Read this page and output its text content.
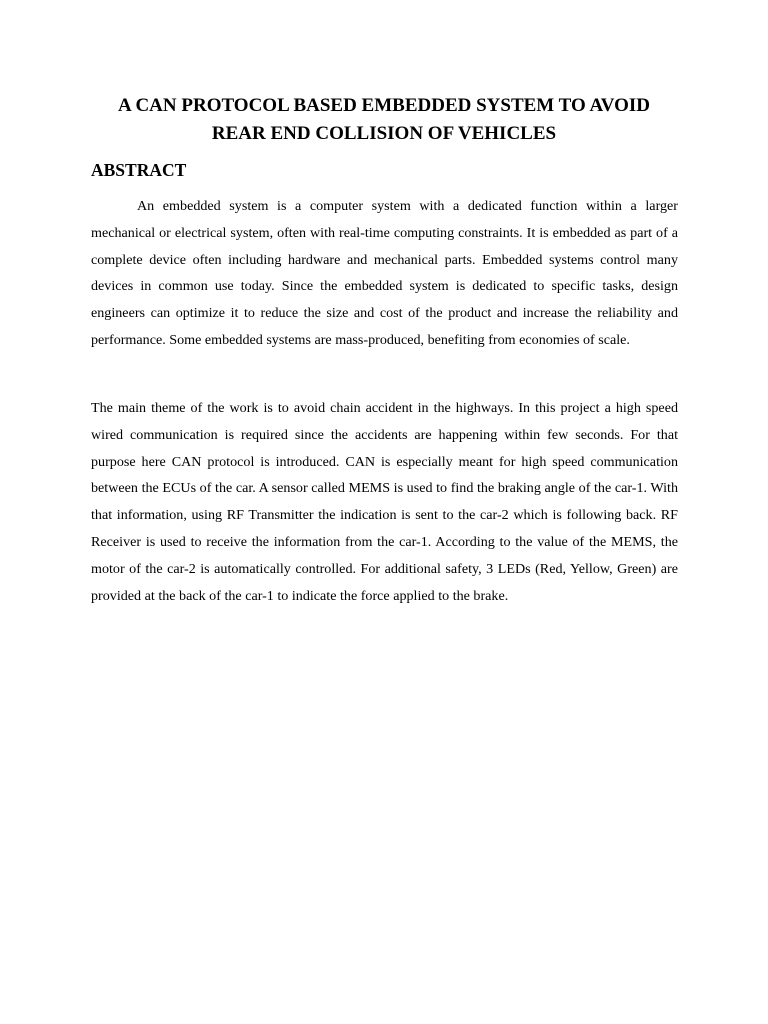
A CAN PROTOCOL BASED EMBEDDED SYSTEM TO AVOID
REAR END COLLISION OF VEHICLES
ABSTRACT

An embedded system is a computer system with a dedicated function within a larger mechanical or electrical system, often with real-time computing constraints. It is embedded as part of a complete device often including hardware and mechanical parts. Embedded systems control many devices in common use today. Since the embedded system is dedicated to specific tasks, design engineers can optimize it to reduce the size and cost of the product and increase the reliability and performance. Some embedded systems are mass-produced, benefiting from economies of scale.

The main theme of the work is to avoid chain accident in the highways. In this project a high speed wired communication is required since the accidents are happening within few seconds. For that purpose here CAN protocol is introduced. CAN is especially meant for high speed communication between the ECUs of the car. A sensor called MEMS is used to find the braking angle of the car-1. With that information, using RF Transmitter the indication is sent to the car-2 which is following back. RF Receiver is used to receive the information from the car-1. According to the value of the MEMS, the motor of the car-2 is automatically controlled. For additional safety, 3 LEDs (Red, Yellow, Green) are provided at the back of the car-1 to indicate the force applied to the brake.
